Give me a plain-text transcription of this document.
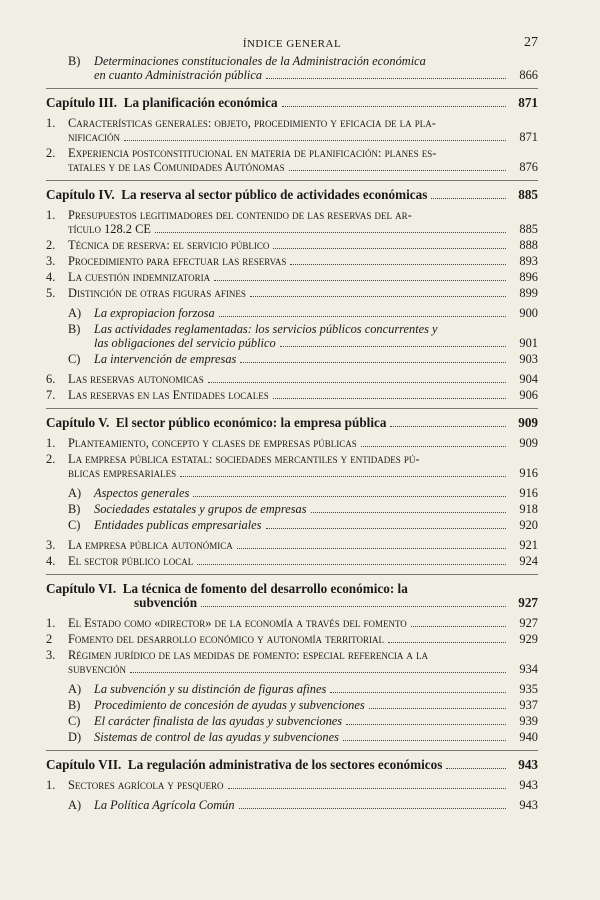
ÍNDICE GENERAL	27
B) Determinaciones constitucionales de la Administración económica
en cuanto Administración pública	866
Capítulo III. La planificación económica	871
1. Características generales: objeto, procedimiento y eficacia de la pla-
nificación	871
2. Experiencia postconstitucional en materia de planificación: planes es-
tatales y de las Comunidades Autónomas	876
Capítulo IV. La reserva al sector público de actividades económicas	885
1. Presupuestos legitimadores del contenido de las reservas del ar-
tículo 128.2 CE	885
2. Técnica de reserva: el servicio público	888
3. Procedimiento para efectuar las reservas	893
4. La cuestión indemnizatoria	896
5. Distinción de otras figuras afines	899
A) La expropiacion forzosa	900
B) Las actividades reglamentadas: los servicios públicos concurrentes y
las obligaciones del servicio público	901
C) La intervención de empresas	903
6. Las reservas autonomicas	904
7. Las reservas en las Entidades locales	906
Capítulo V. El sector público económico: la empresa pública	909
1. Planteamiento, concepto y clases de empresas públicas	909
2. La empresa pública estatal: sociedades mercantiles y entidades pú-
blicas empresariales	916
A) Aspectos generales	916
B) Sociedades estatales y grupos de empresas	918
C) Entidades publicas empresariales	920
3. La empresa pública autonómica	921
4. El sector público local	924
Capítulo VI. La técnica de fomento del desarrollo económico: la
subvención	927
1. El Estado como «director» de la economía a través del fomento	927
2 Fomento del desarrollo económico y autonomía territorial	929
3. Régimen jurídico de las medidas de fomento: especial referencia a la
subvención	934
A) La subvención y su distinción de figuras afines	935
B) Procedimiento de concesión de ayudas y subvenciones	937
C) El carácter finalista de las ayudas y subvenciones	939
D) Sistemas de control de las ayudas y subvenciones	940
Capítulo VII. La regulación administrativa de los sectores económicos	943
1. Sectores agrícola y pesquero	943
A) La Política Agrícola Común	943
